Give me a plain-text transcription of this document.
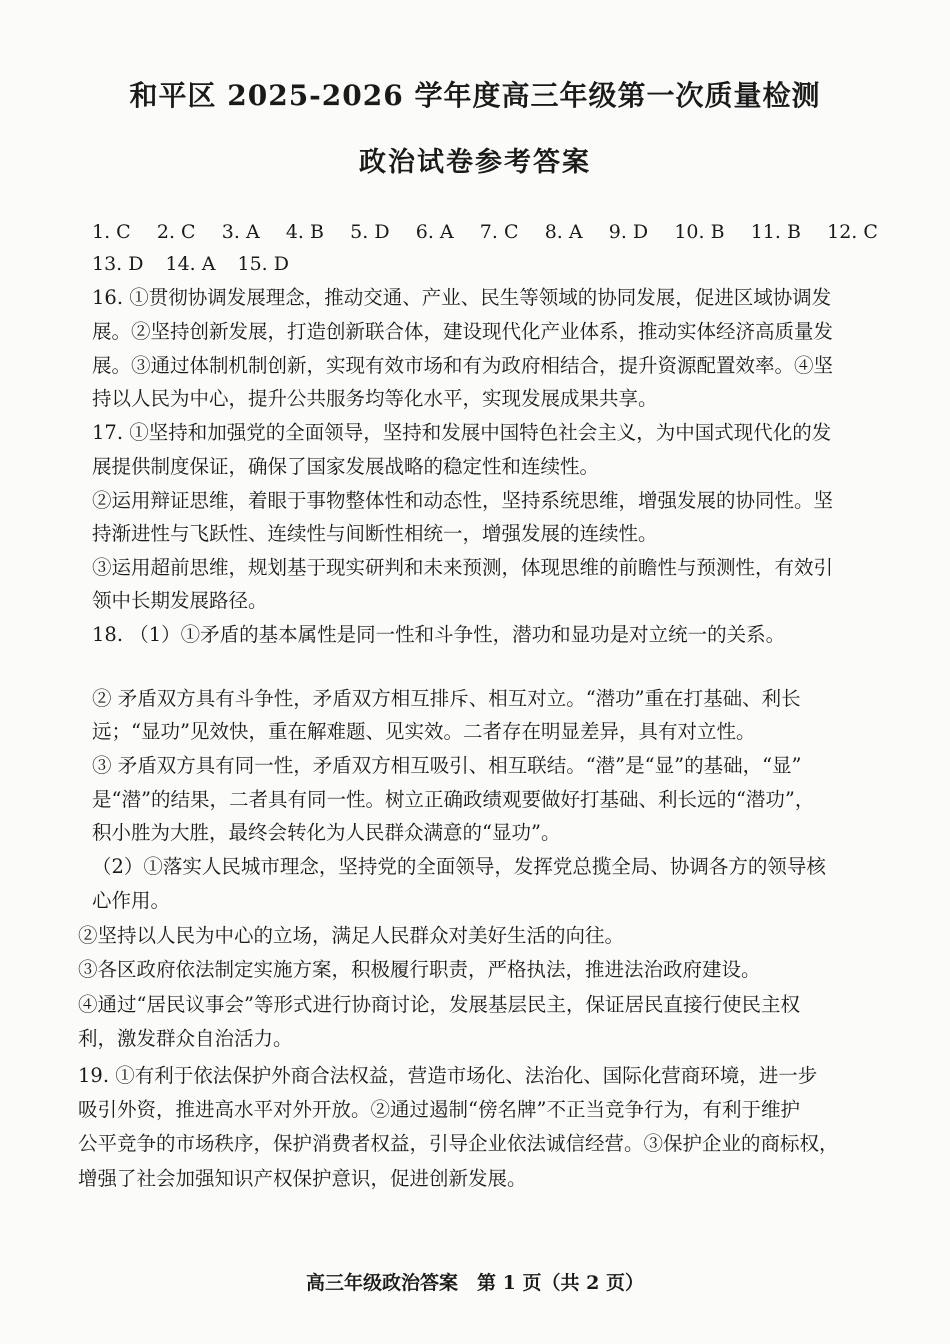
和平区 2025-2026 学年度高三年级第一次质量检测
政治试卷参考答案
1. C 2. C 3. A 4. B 5. D 6. A 7. C 8. A 9. D 10. B 11. B 12. C
13. D 14. A 15. D
16. ①贯彻协调发展理念，推动交通、产业、民生等领域的协同发展，促进区域协调发
展。②坚持创新发展，打造创新联合体，建设现代化产业体系，推动实体经济高质量发
展。③通过体制机制创新，实现有效市场和有为政府相结合，提升资源配置效率。④坚
持以人民为中心，提升公共服务均等化水平，实现发展成果共享。
17. ①坚持和加强党的全面领导，坚持和发展中国特色社会主义，为中国式现代化的发
展提供制度保证，确保了国家发展战略的稳定性和连续性。
②运用辩证思维，着眼于事物整体性和动态性，坚持系统思维，增强发展的协同性。坚
持渐进性与飞跃性、连续性与间断性相统一，增强发展的连续性。
③运用超前思维，规划基于现实研判和未来预测，体现思维的前瞻性与预测性，有效引
领中长期发展路径。
18. （1）①矛盾的基本属性是同一性和斗争性，潜功和显功是对立统一的关系。
② 矛盾双方具有斗争性，矛盾双方相互排斥、相互对立。“潜功”重在打基础、利长
远；“显功”见效快，重在解难题、见实效。二者存在明显差异，具有对立性。
③ 矛盾双方具有同一性，矛盾双方相互吸引、相互联结。“潜”是“显”的基础，“显”
是“潜”的结果，二者具有同一性。树立正确政绩观要做好打基础、利长远的“潜功”，
积小胜为大胜，最终会转化为人民群众满意的“显功”。
（2）①落实人民城市理念，坚持党的全面领导，发挥党总揽全局、协调各方的领导核
心作用。
②坚持以人民为中心的立场，满足人民群众对美好生活的向往。
③各区政府依法制定实施方案，积极履行职责，严格执法，推进法治政府建设。
④通过“居民议事会”等形式进行协商讨论，发展基层民主，保证居民直接行使民主权
利，激发群众自治活力。
19. ①有利于依法保护外商合法权益，营造市场化、法治化、国际化营商环境，进一步
吸引外资，推进高水平对外开放。②通过遏制“傍名牌”不正当竞争行为，有利于维护
公平竞争的市场秩序，保护消费者权益，引导企业依法诚信经营。③保护企业的商标权，
增强了社会加强知识产权保护意识，促进创新发展。
高三年级政治答案　第 1 页（共 2 页）
